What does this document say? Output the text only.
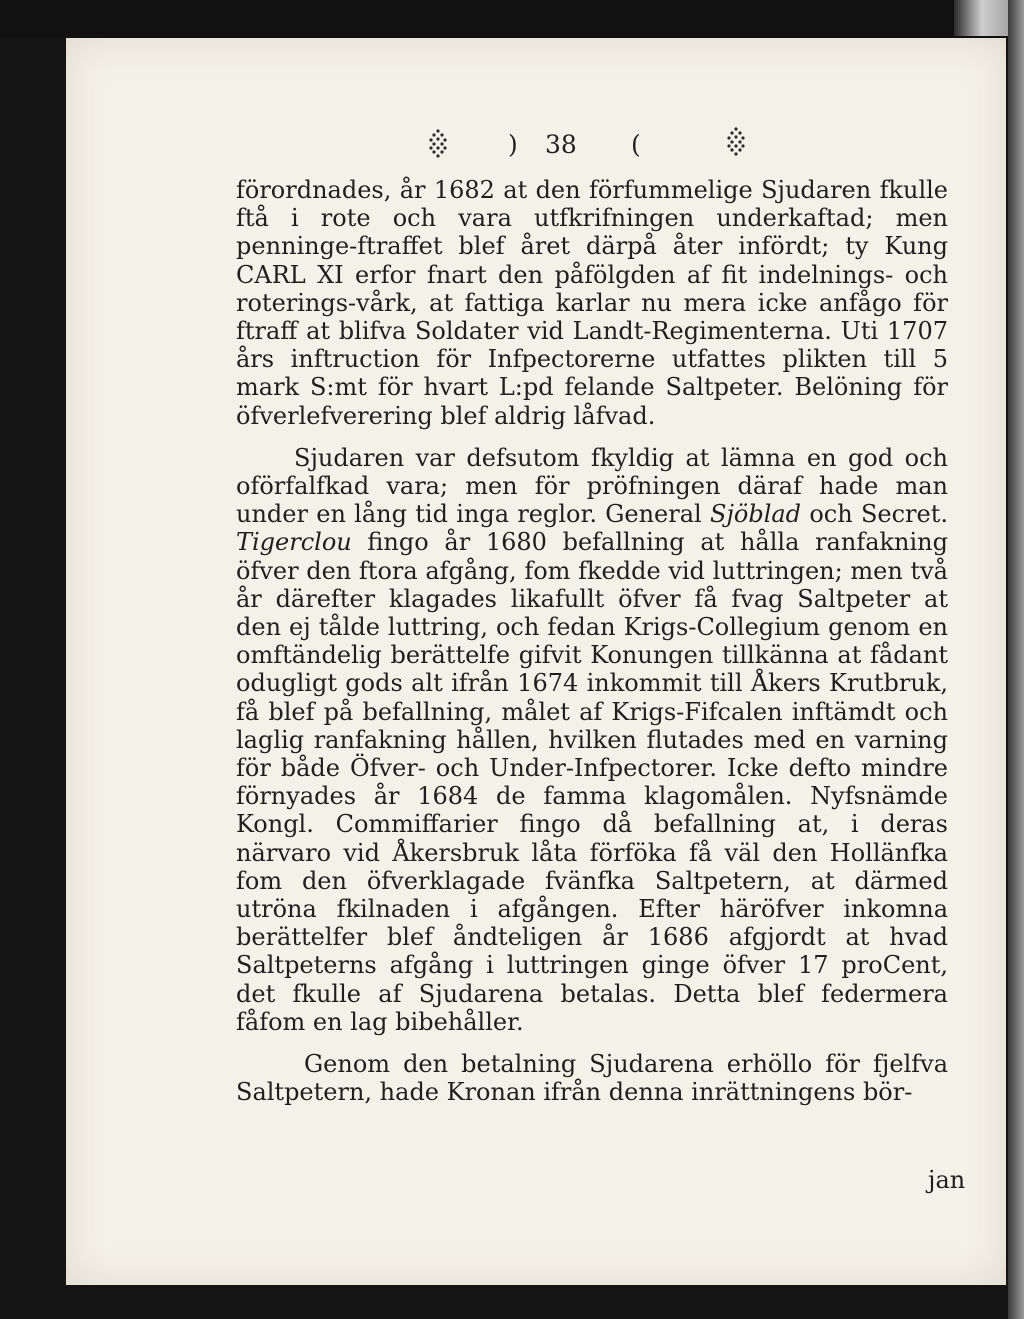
) 38 (

förordnades, år 1682 at den förfummelige Sjudaren fkulle ftå i rote och vara utfkrifningen underkaftad; men penninge-ftraffet blef året därpå åter infördt; ty Kung CARL XI erfor fnart den påfölgden af fit indelnings- och roterings-vårk, at fattiga karlar nu mera icke anfågo för ftraff at blifva Soldater vid Landt-Regimenterna. Uti 1707 års inftruction för Infpectorerne utfattes plikten till 5 mark S:mt för hvart L:pd felande Saltpeter. Belöning för öfverlefverering blef aldrig låfvad.

Sjudaren var defsutom fkyldig at lämna en god och oförfalfkad vara; men för pröfningen däraf hade man under en lång tid inga reglor. General Sjöblad och Secret. Tigerclou fingo år 1680 befallning at hålla ranfakning öfver den ftora afgång, fom fkedde vid luttringen; men två år därefter klagades likafullt öfver få fvag Saltpeter at den ej tålde luttring, och fedan Krigs-Collegium genom en omftändelig berättelfe gifvit Konungen tillkänna at fådant odugligt gods alt ifrån 1674 inkommit till Åkers Krutbruk, få blef på befallning, målet af Krigs-Fifcalen inftämdt och laglig ranfakning hållen, hvilken flutades med en varning för både Öfver- och Under-Infpectorer. Icke defto mindre förnyades år 1684 de famma klagomålen. Nyfsnämde Kongl. Commiffarier fingo då befallning at, i deras närvaro vid Åkersbruk låta förföka få väl den Hollänfka fom den öfverklagade fvänfka Saltpetern, at därmed utröna fkilnaden i afgången. Efter häröfver inkomna berättelfer blef åndteligen år 1686 afgjordt at hvad Saltpeterns afgång i luttringen ginge öfver 17 proCent, det fkulle af Sjudarena betalas. Detta blef federmera fåfom en lag bibehåller.

Genom den betalning Sjudarena erhöllo för fjelfva Saltpetern, hade Kronan ifrån denna inrättningens bör-

jan
